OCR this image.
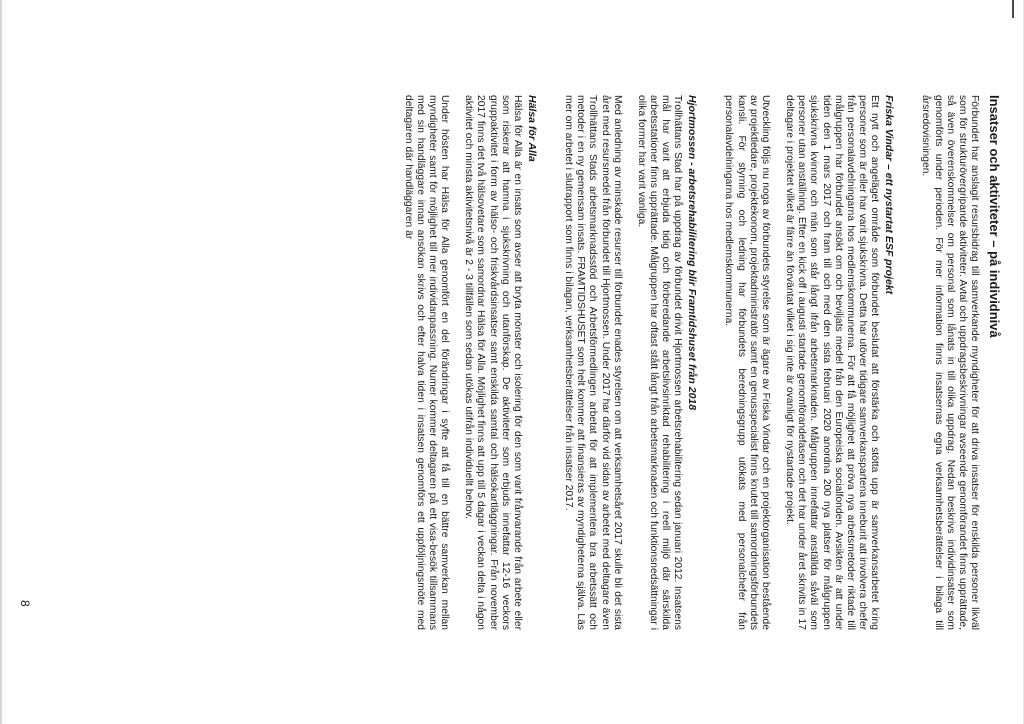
Insatser och aktiviteter – på individnivå

Förbundet har anslagit resursbidrag till samverkande myndigheter för att driva insatser för enskilda personer likväl som för strukturövergripande aktiviteter. Avtal och uppdragsbeskrivningar avseende genomförandet finns upprättade, så även överenskommelser om personal som lånats in till olika uppdrag. Nedan beskrivs individinsatser som genomförts under perioden. För mer information finns insatsernas egna verksamhetsberättelser i bilaga till årsredovisningen.

Friska Vindar – ett nystartat ESF projekt

Ett nytt och angeläget område som förbundet beslutat att förstärka och stötta upp är samverkansarbetet kring personer som är eller har varit sjukskrivna. Detta har utöver tidigare samverkanspartena inneburit att involvera chefer från personalavdelningarna hos medlemskommunerna. För att få möjlighet att pröva nya arbetsmetoder riktade till målgruppen har förbundet ansökt om och beviljats medel från den Europeiska socialfonden. Avsikten är att under tiden den 1 mars 2017 och fram till och med den sista februari 2020 anordna 200 nya platser för målgruppen sjukskrivna kvinnor och män som står långt ifrån arbetsmarknaden. Målgruppen innefattar anställda såväl som personer utan anställning. Efter en kick off i augusti startade genomförandefasen och det har under året skrivits in 17 deltagare i projektet vilket är färre än förväntat vilket i sig inte är ovanligt för nystartade projekt.

Utveckling följs nu noga av förbundets styrelse som är ägare av Friska Vindar och en projektorganisation bestående av projektledare, projektekonom, projektadministratör samt en genusspecialist finns knutet till samordningsförbundets kansli. För styrning och ledning har förbundets beredningsgrupp utökats med personalchefer från personalavdelningarna hos medlemskommunerna.

Hjortmossen - arbetsrehabilitering blir Framtidshuset från 2018

Trollhättans Stad har på uppdrag av förbundet drivit Hjortmossen arbetsrehabilitering sedan januari 2012. Insatsens mål har varit att erbjuda tidig och förberedande arbetslivsinriktad rehabilitering i reell miljö där särskilda arbetsstationer finns upprättade. Målgruppen har oftast stått långt från arbetsmarknaden och funktionsnedsättningar i olika former har varit vanliga.

Med anledning av minskade resurser till förbundet enades styrelsen om att verksamhetsåret 2017 skulle bli det sista året med resursmedel från förbundet till Hjortmossen. Under 2017 har därför vid sidan av arbetet med deltagare även Trollhättans Stads arbetsmarknadsstöd och Arbetsförmedlingen arbetat för att implementera bra arbetssätt och metoder i en ny gemensam insats. FRAMTIDSHUSET som helt kommer att finansieras av myndigheterna själva. Läs mer om arbetet i slutrapport som finns i bilagan, verksamhetsberättelser från insatser 2017.

Hälsa för Alla

Hälsa för Alla är en insats som avser att bryta mönster och isolering för den som varit frånvarande från arbete eller som riskerar att hamna i sjukskrivning och utanförskap. De aktiviteter som erbjuds innefattar 12-16 veckors gruppaktivitet i form av hälso- och friskvårdsinsatser samt enskilda samtal och hälsokartläggningar. Från november 2017 finns det två hälsovetare som samordnar Hälsa för Alla. Möjlighet finns att upp till 5 dagar i veckan delta i någon aktivitet och minsta aktivitetsnivå är 2 - 3 tillfällen som sedan utökas utifrån individuellt behov.

Under hösten har Hälsa för Alla genomfört en del förändringar i syfte att få till en bättre samverkan mellan myndigheter samt för möjlighet till mer individanpassning. Numer kommer deltagaren på ett visa-besök tillsammans med sin handläggare innan ansökan skrivs och efter halva tiden i insatsen genomförs ett uppföljningsmöte med deltagaren där handläggaren är

8
